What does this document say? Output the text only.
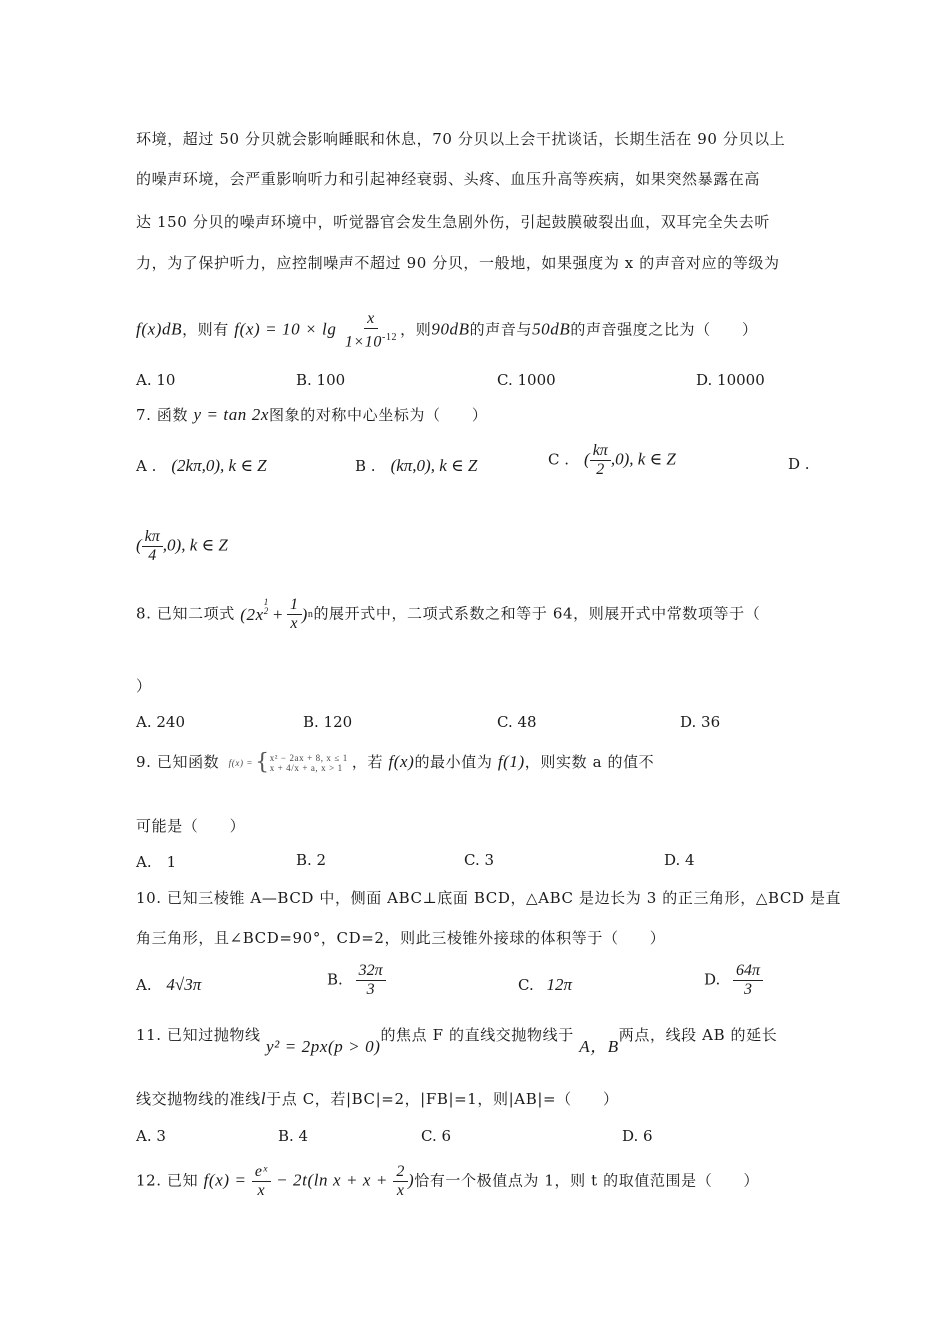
环境，超过 50 分贝就会影响睡眠和休息，70 分贝以上会干扰谈话，长期生活在 90 分贝以上
的噪声环境，会严重影响听力和引起神经衰弱、头疼、血压升高等疾病，如果突然暴露在高
达 150 分贝的噪声环境中，听觉器官会发生急剧外伤，引起鼓膜破裂出血，双耳完全失去听
力，为了保护听力，应控制噪声不超过 90 分贝，一般地，如果强度为 x 的声音对应的等级为
f(x)dB，则有 $f(x) = 10 \times \lg \frac{x}{1\times 10^{-12}}$ ，则90dB的声音与50dB的声音强度之比为（　　）
A. 10	B. 100	C. 1000	D. 10000
7. 函数 y = tan 2x图象的对称中心坐标为（　　）
A .　 (2kπ,0), k ∈ Z	B .　 (kπ,0), k ∈ Z	C .　 ( $\frac{k\pi}{2} ,0$), k ∈ Z	D .
( $\frac{k\pi}{4} ,0$), k ∈ Z
8. 已知二项式 (2x
1
$2 + \frac{1}{x}$ ) n 的展开式中，二项式系数之和等于 64，则展开式中常数项等于（
）
A. 240	B. 120	C. 48	D. 36
9. 已知函数 f(x) = { x² − 2ax + 8, x ≤ 1
x + 4/x + a, x > 1 ，若 f(x)的最小值为 f(1)，则实数 a 的值不
可能是（　　）
A.　1	B. 2	C. 3	D. 4
10. 已知三棱锥 A—BCD 中，侧面 ABC⊥底面 BCD，△ABC 是边长为 3 的正三角形，△BCD 是直
角三角形，且∠BCD=90°，CD=2，则此三棱锥外接球的体积等于（　　）
A. 4√3π	B. $\frac{32\pi}{3}$	C. 12π	D. $\frac{64\pi}{3}$
11. 已知过抛物线 y² = 2px(p > 0)的焦点 F 的直线交抛物线于 A，B两点，线段 AB 的延长
线交抛物线的准线l于点 C，若|BC|=2，|FB|=1，则|AB|=（　　）
A. 3	B. 4	C. 6	D. 6
12. 已知 $f(x) = \frac{\text{eˣ}}{x} - 2t(\ln$ $x + x + \frac{2}{x}$ )恰有一个极值点为 1，则 t 的取值范围是（　　）
